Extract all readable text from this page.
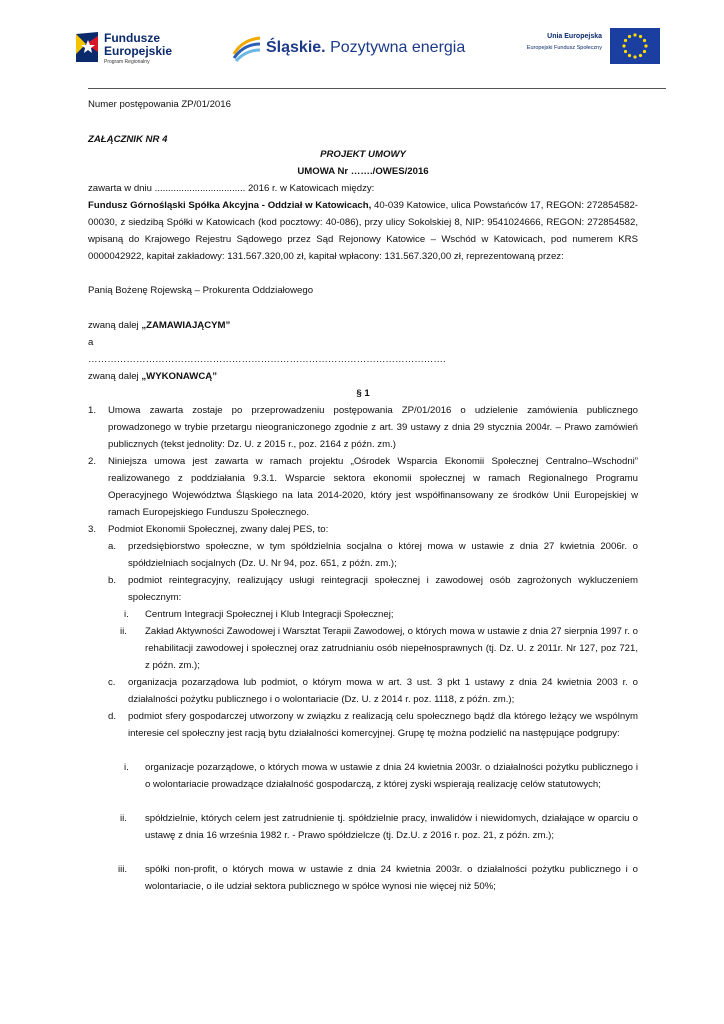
Fundusze
Europejskie
Program Regionalny
Śląskie. Pozytywna energia
Unia Europejska
Europejski Fundusz Społeczny
Numer postępowania ZP/01/2016
ZAŁĄCZNIK NR 4
PROJEKT UMOWY
UMOWA Nr ……./OWES/2016
zawarta w dniu .................................. 2016 r. w Katowicach między:
Fundusz Górnośląski Spółka Akcyjna - Oddział w Katowicach, 40-039 Katowice, ulica Powstańców 17, REGON: 272854582-00030, z siedzibą Spółki w Katowicach (kod pocztowy: 40-086), przy ulicy Sokolskiej 8, NIP: 9541024666, REGON: 272854582, wpisaną do Krajowego Rejestru Sądowego przez Sąd Rejonowy Katowice – Wschód w Katowicach, pod numerem KRS 0000042922, kapitał zakładowy: 131.567.320,00 zł, kapitał wpłacony: 131.567.320,00 zł, reprezentowaną przez:
Panią Bożenę Rojewską – Prokurenta Oddziałowego
zwaną dalej „ZAMAWIAJĄCYM”
a
………………………………………………………………………………………………….
zwaną dalej „WYKONAWCĄ”
§ 1
1. Umowa zawarta zostaje po przeprowadzeniu postępowania ZP/01/2016 o udzielenie zamówienia publicznego prowadzonego w trybie przetargu nieograniczonego zgodnie z art. 39 ustawy z dnia 29 stycznia 2004r. – Prawo zamówień publicznych (tekst jednolity: Dz. U. z 2015 r., poz. 2164 z późn. zm.)
2. Niniejsza umowa jest zawarta w ramach projektu „Ośrodek Wsparcia Ekonomii Społecznej Centralno–Wschodni” realizowanego z poddziałania 9.3.1. Wsparcie sektora ekonomii społecznej w ramach Regionalnego Programu Operacyjnego Województwa Śląskiego na lata 2014-2020, który jest współfinansowany ze środków Unii Europejskiej w ramach Europejskiego Funduszu Społecznego.
3. Podmiot Ekonomii Społecznej, zwany dalej PES, to:
a. przedsiębiorstwo społeczne, w tym spółdzielnia socjalna o której mowa w ustawie z dnia 27 kwietnia 2006r. o spółdzielniach socjalnych (Dz. U. Nr 94, poz. 651, z późn. zm.);
b. podmiot reintegracyjny, realizujący usługi reintegracji społecznej i zawodowej osób zagrożonych wykluczeniem społecznym:
i. Centrum Integracji Społecznej i Klub Integracji Społecznej;
ii. Zakład Aktywności Zawodowej i Warsztat Terapii Zawodowej, o których mowa w ustawie z dnia 27 sierpnia 1997 r. o rehabilitacji zawodowej i społecznej oraz zatrudnianiu osób niepełnosprawnych (tj. Dz. U. z 2011r. Nr 127, poz 721, z późn. zm.);
c. organizacja pozarządowa lub podmiot, o którym mowa w art. 3 ust. 3 pkt 1 ustawy z dnia 24 kwietnia 2003 r. o działalności pożytku publicznego i o wolontariacie (Dz. U. z 2014 r. poz. 1118, z późn. zm.);
d. podmiot sfery gospodarczej utworzony w związku z realizacją celu społecznego bądź dla którego leżący we wspólnym interesie cel społeczny jest racją bytu działalności komercyjnej. Grupę tę można podzielić na następujące podgrupy:
i. organizacje pozarządowe, o których mowa w ustawie z dnia 24 kwietnia 2003r. o działalności pożytku publicznego i o wolontariacie prowadzące działalność gospodarczą, z której zyski wspierają realizację celów statutowych;
ii. spółdzielnie, których celem jest zatrudnienie tj. spółdzielnie pracy, inwalidów i niewidomych, działające w oparciu o ustawę z dnia 16 września 1982 r. - Prawo spółdzielcze (tj. Dz.U. z 2016 r. poz. 21, z późn. zm.);
iii. spółki non-profit, o których mowa w ustawie z dnia 24 kwietnia 2003r. o działalności pożytku publicznego i o wolontariacie, o ile udział sektora publicznego w spółce wynosi nie więcej niż 50%;
